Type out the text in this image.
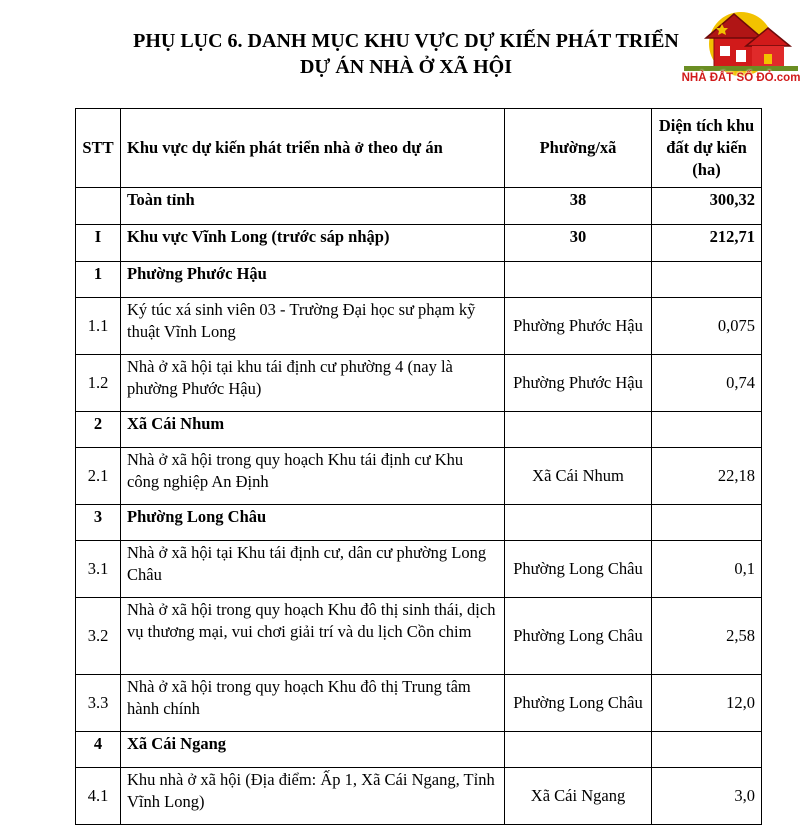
PHỤ LỤC 6. DANH MỤC KHU VỰC DỰ KIẾN PHÁT TRIỂN
DỰ ÁN NHÀ Ở XÃ HỘI	NHÀ ĐẤT SỐ ĐỎ.com
STT	Khu vực dự kiến phát triển nhà ở theo dự án	Phường/xã	Diện tích khu đất dự kiến (ha)
	Toàn tỉnh	38	300,32
I	Khu vực Vĩnh Long (trước sáp nhập)	30	212,71
1	Phường Phước Hậu		
1.1	Ký túc xá sinh viên 03 - Trường Đại học sư phạm kỹ thuật Vĩnh Long	Phường Phước Hậu	0,075
1.2	Nhà ở xã hội tại khu tái định cư phường 4 (nay là phường Phước Hậu)	Phường Phước Hậu	0,74
2	Xã Cái Nhum		
2.1	Nhà ở xã hội trong quy hoạch Khu tái định cư Khu công nghiệp An Định	Xã Cái Nhum	22,18
3	Phường Long Châu		
3.1	Nhà ở xã hội tại Khu tái định cư, dân cư phường Long Châu	Phường Long Châu	0,1
3.2	Nhà ở xã hội trong quy hoạch Khu đô thị sinh thái, dịch vụ thương mại, vui chơi giải trí và du lịch Cồn chim	Phường Long Châu	2,58
3.3	Nhà ở xã hội trong quy hoạch Khu đô thị Trung tâm hành chính	Phường Long Châu	12,0
4	Xã Cái Ngang		
4.1	Khu nhà ở xã hội (Địa điểm: Ấp 1, Xã Cái Ngang, Tỉnh Vĩnh Long)	Xã Cái Ngang	3,0
